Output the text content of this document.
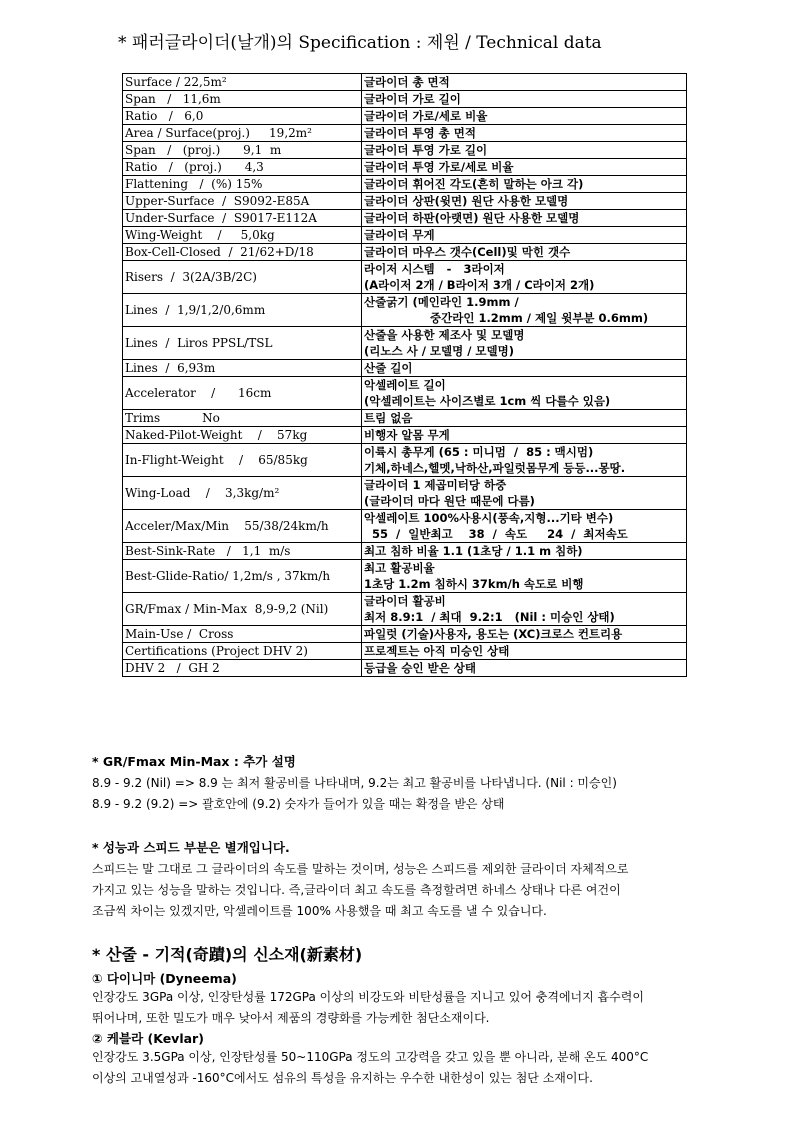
* 패러글라이더(날개)의 Specification : 제원 / Technical data
Surface / 22,5m²	글라이더 총 면적

Span   /   11,6m	글라이더 가로 길이

Ratio   /   6,0	글라이더 가로/세로 비율

Area / Surface(proj.)     19,2m²	글라이더 투영 총 면적

Span   /   (proj.)      9,1  m	글라이더 투영 가로 길이

Ratio   /   (proj.)      4,3	글라이더 투영 가로/세로 비율

Flattening   /  (%) 15%	글라이더 휘어진 각도(흔히 말하는 아크 각)

Upper-Surface  /  S9092-E85A	글라이더 상판(윗면) 원단 사용한 모델명

Under-Surface  /  S9017-E112A	글라이더 하판(아랫면) 원단 사용한 모델명

Wing-Weight    /     5,0kg	글라이더 무게

Box-Cell-Closed  /  21/62+D/18	글라이더 마우스 갯수(Cell)및 막힌 갯수

Risers  /  3(2A/3B/2C)	라이저 시스템   -   3라이저
(A라이저 2개 / B라이저 3개 / C라이저 2개)

Lines  /  1,9/1,2/0,6mm	산줄굵기 (메인라인 1.9mm /
중간라인 1.2mm / 제일 윗부분 0.6mm)

Lines  /  Liros PPSL/TSL	산줄을 사용한 제조사 및 모델명
(리노스 사 / 모델명 / 모델명)

Lines  /  6,93m	산줄 길이

Accelerator    /      16cm	악셀레이트 길이
(악셀레이트는 사이즈별로 1cm 씩 다를수 있음)

Trims           No	트림 없음

Naked-Pilot-Weight    /    57kg	비행자 알몸 무게

In-Flight-Weight    /    65/85kg	이륙시 총무게 (65 : 미니멈  /  85 : 맥시멈)
기체,하네스,헬멧,낙하산,파일럿몸무게 등등...몽땅.

Wing-Load    /    3,3kg/m²	글라이더 1 제곱미터당 하중
(글라이더 마다 원단 때문에 다름)

Acceler/Max/Min    55/38/24km/h	악셀레이트 100%사용시(풍속,지형...기타 변수)
55  /  일반최고    38  /  속도     24  /  최저속도

Best-Sink-Rate   /   1,1  m/s	최고 침하 비율 1.1 (1초당 / 1.1 m 침하)

Best-Glide-Ratio/ 1,2m/s , 37km/h	최고 활공비율
1초당 1.2m 침하시 37km/h 속도로 비행

GR/Fmax / Min-Max  8,9-9,2 (Nil)	글라이더 활공비
최저 8.9:1  / 최대  9.2:1   (Nil : 미승인 상태)

Main-Use /  Cross	파일럿 (기술)사용자, 용도는 (XC)크로스 컨트리용

Certifications (Project DHV 2)	프로젝트는 아직 미승인 상태

DHV 2   /  GH 2	등급을 승인 받은 상태
* GR/Fmax Min-Max : 추가 설명
8.9 - 9.2 (Nil) => 8.9 는 최저 활공비를 나타내며, 9.2는 최고 활공비를 나타냅니다. (Nil : 미승인)
8.9 - 9.2 (9.2) => 괄호안에 (9.2) 숫자가 들어가 있을 때는 확정을 받은 상태
* 성능과 스피드 부분은 별개입니다.
스피드는 말 그대로 그 글라이더의 속도를 말하는 것이며, 성능은 스피드를 제외한 글라이더 자체적으로
가지고 있는 성능을 말하는 것입니다. 즉,글라이더 최고 속도를 측정할려면 하네스 상태나 다른 여건이
조금씩 차이는 있겠지만, 악셀레이트를 100% 사용했을 때 최고 속도를 낼 수 있습니다.
* 산줄 - 기적(奇蹟)의 신소재(新素材)
① 다이니마 (Dyneema)
인장강도 3GPa 이상, 인장탄성률 172GPa 이상의 비강도와 비탄성률을 지니고 있어 충격에너지 흡수력이
뛰어나며, 또한 밀도가 매우 낮아서 제품의 경량화를 가능케한 첨단소재이다.
② 케블라 (Kevlar)
인장강도 3.5GPa 이상, 인장탄성률 50~110GPa 정도의 고강력을 갖고 있을 뿐 아니라, 분해 온도 400°C
이상의 고내열성과 -160°C에서도 섬유의 특성을 유지하는 우수한 내한성이 있는 첨단 소재이다.
